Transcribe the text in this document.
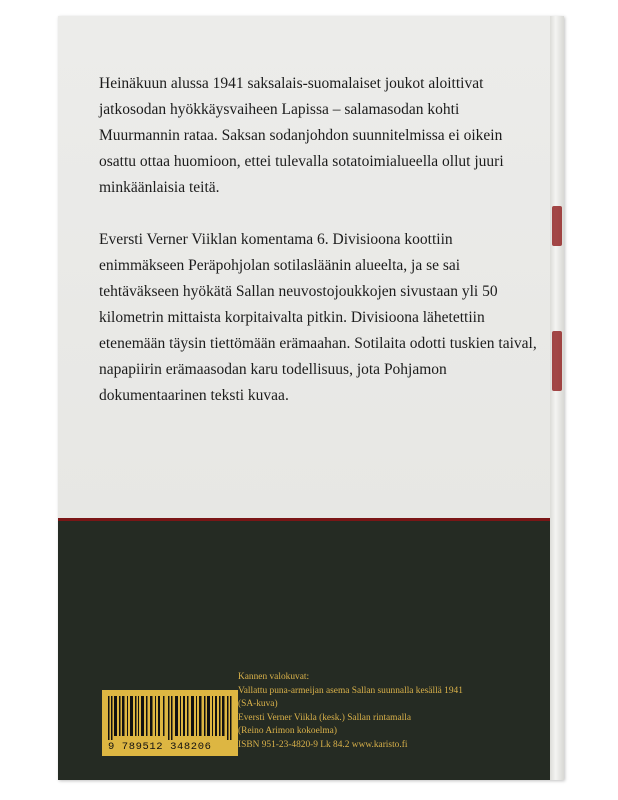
Heinäkuun alussa 1941 saksalais-suomalaiset joukot aloittivat jatkosodan hyökkäysvaiheen Lapissa – salamasodan kohti Muurmannin rataa. Saksan sodanjohdon suunnitelmissa ei oikein osattu ottaa huomioon, ettei tulevalla sotatoimialueella ollut juuri minkäänlaisia teitä.

Eversti Verner Viiklan komentama 6. Divisioona koottiin enimmäkseen Peräpohjolan sotilasläänin alueelta, ja se sai tehtäväkseen hyökätä Sallan neuvostojoukkojen sivustaan yli 50 kilometrin mittaista korpitaivalta pitkin. Divisioona lähetettiin etenemään täysin tiettömään erämaahan. Sotilaita odotti tuskien taival, napapiirin erämaasodan karu todellisuus, jota Pohjamon dokumentaarinen teksti kuvaa.

9 789512 348206
Kannen valokuvat:
Vallattu puna-armeijan asema Sallan suunnalla kesällä 1941
(SA-kuva)
Eversti Verner Viikla (kesk.) Sallan rintamalla
(Reino Arimon kokoelma)
ISBN 951-23-4820-9 Lk 84.2 www.karisto.fi
